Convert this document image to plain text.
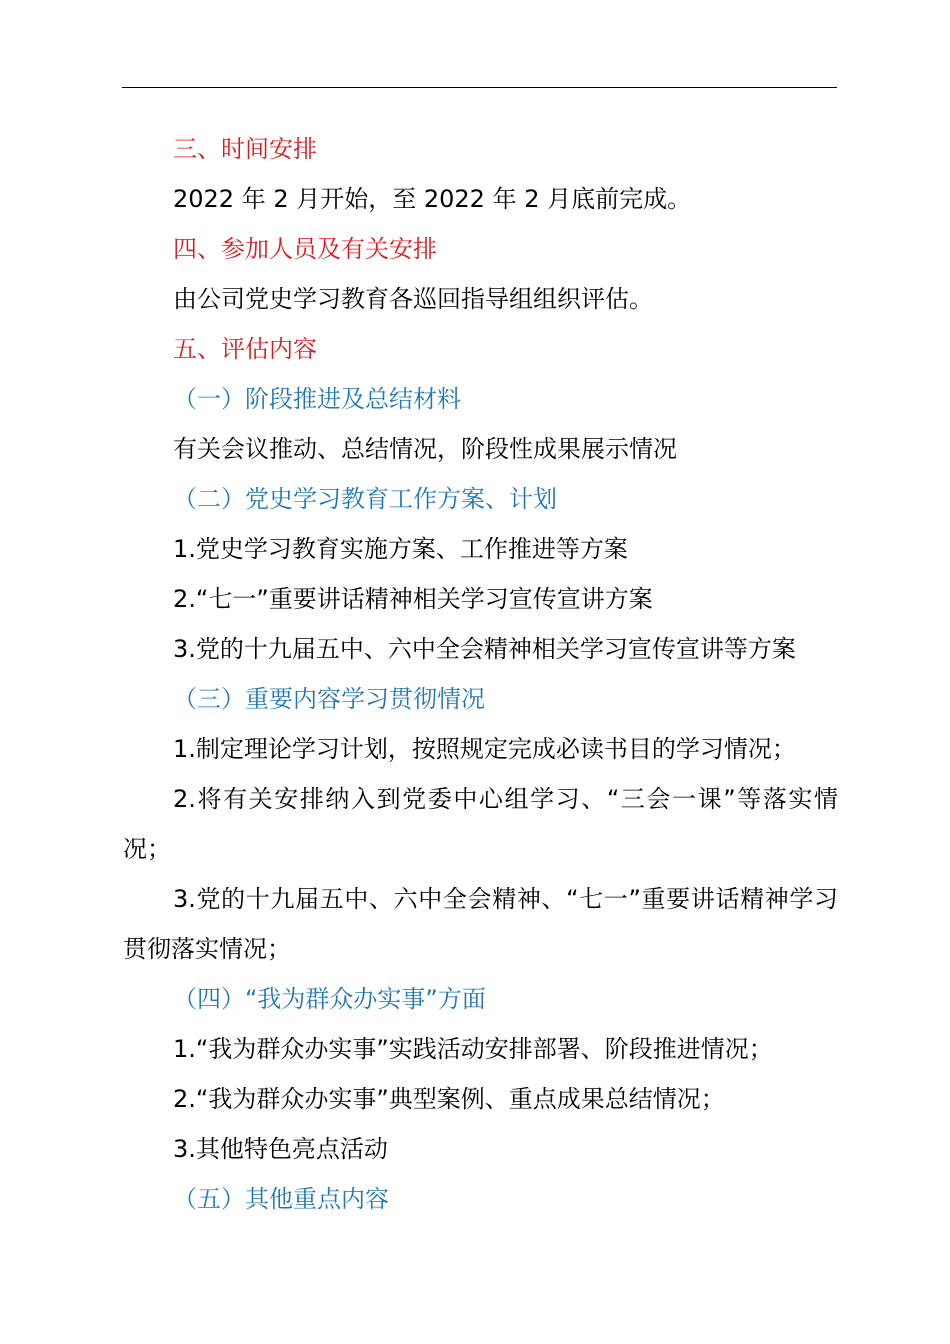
三、时间安排
2022 年 2 月开始，至 2022 年 2 月底前完成。
四、参加人员及有关安排
由公司党史学习教育各巡回指导组组织评估。
五、评估内容
（一）阶段推进及总结材料
有关会议推动、总结情况，阶段性成果展示情况
（二）党史学习教育工作方案、计划
1.党史学习教育实施方案、工作推进等方案
2.“七一”重要讲话精神相关学习宣传宣讲方案
3.党的十九届五中、六中全会精神相关学习宣传宣讲等方案
（三）重要内容学习贯彻情况
1.制定理论学习计划，按照规定完成必读书目的学习情况；
2.将有关安排纳入到党委中心组学习、“三会一课”等落实情况；
3.党的十九届五中、六中全会精神、“七一”重要讲话精神学习贯彻落实情况；
（四）“我为群众办实事”方面
1.“我为群众办实事”实践活动安排部署、阶段推进情况；
2.“我为群众办实事”典型案例、重点成果总结情况；
3.其他特色亮点活动
（五）其他重点内容
